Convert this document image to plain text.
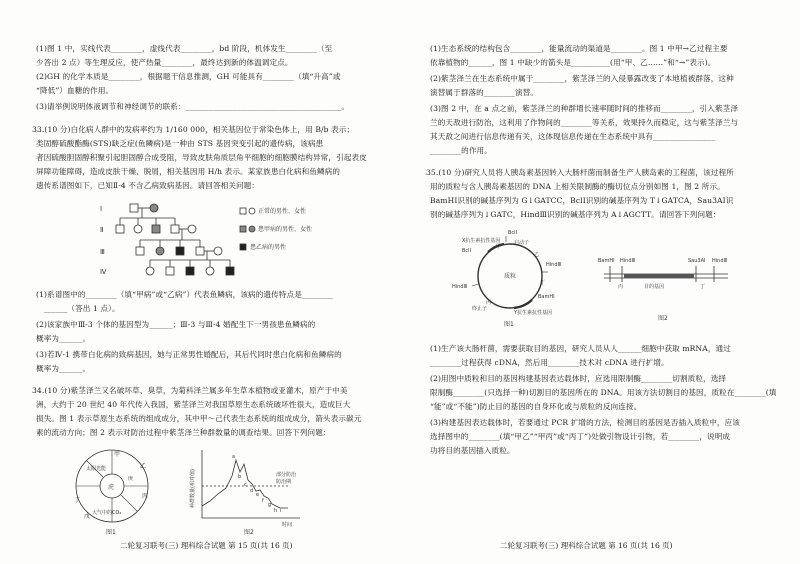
(1)图 1 中，实线代表________，虚线代表________，bd 阶段，机体发生________（至
少答出 2 点）等生理反应，使产热量________，最终达到新的体温调定点。
(2)GH 的化学本质是________，根据题干信息推测，GH 可能具有________（填“升高”或
“降低”）血糖的作用。
(3)请举例说明体液调节和神经调节的联系：________________________________________。
33.(10 分)白化病人群中的发病率约为 1/160 000，相关基因位于常染色体上，用 B/b 表示；
类固醇硫酸酯酶(STS)缺乏症(鱼鳞病)是一种由 STS 基因突变引起的遗传病，该病患
者因硫酸胆固醇积聚引起胆固醇合成受阻，导致皮肤角质层角平细胞的细胞膜结构异常，引起表皮
屏障功能障碍，造成皮肤干燥、脱屑，相关基因用 H/h 表示。某家族患白化病和鱼鳞病的
遗传系谱图如下，已知Ⅱ-4 不含乙病致病基因。请回答相关问题：
Ⅰ
Ⅱ
Ⅲ
Ⅳ
正常的男性、女性
患甲病的男性、女性
患乙病的男性
(1)系谱图中的________（填“甲病”或“乙病”）代表鱼鳞病，该病的遗传特点是________
______（答出 1 点）。
(2)该家族中Ⅲ-3 个体的基因型为______；Ⅲ-3 与Ⅲ-4 婚配生下一男孩患鱼鳞病的
概率为______。
(3)若Ⅳ-1 携带白化病的致病基因，她与正常男性婚配后，其后代同时患白化病和鱼鳞病的
概率为______。
34.(10 分)紫茎泽兰又名破坏草、臭草，为菊科泽兰属多年生草本植物或亚灌木，原产于中美
洲，大约于 20 世纪 40 年代传入我国，紫茎泽兰对我国草原生态系统破坏性很大，造成巨大
损失。图 1 表示草原生态系统的组成成分，其中甲～己代表生态系统的组成成分，箭头表示碳元
素的流动方向；图 2 表示对防治过程中紫茎泽兰种群数量的调查结果。回答下列问题：
甲
乙
丙
丁
戊
太阳光能
大气中的CO₂
庚
虎
图1
a
b
c
d
e
f
g
h i
部分防治
防治期
时间
种群数量(相对值)
图2
二轮复习联考(三) 理科综合试题 第 15 页(共 16 页)
(1)生态系统的结构包含________，能量流动的渠道是________。图 1 中甲→乙过程主要
依靠植物的______，图 1 中缺少的箭头是__________(用“甲、乙……”和“→”表示)。
(2)紫茎泽兰在生态系统中属于________，紫茎泽兰的入侵暴露改变了本地植被群落，这种
演替属于群落的________演替。
(3)图 2 中，在 a 点之前，紫茎泽兰的种群增长速率随时间的推移而________，引入紫茎泽
兰的天敌进行防治，这利用了作物间的________等关系，效果持久而稳定，这与紫茎泽兰与
其天敌之间进行信息传递有关，这体现信息传递在生态系统中具有________________
________的作用。
35.(10 分)研究人员将人胰岛素基因转入大肠杆菌而制备生产人胰岛素的工程菌，该过程所
用的质粒与含人胰岛素基因的 DNA 上相关限制酶的酶切位点分别如图 1，图 2 所示。
BamHⅠ识别的碱基序列为 G↓GATCC，BclⅠ识别的碱基序列为 T↓GATCA，Sau3AⅠ识
别的碱基序列为↓GATC，HindⅢ识别的碱基序列为 A↓AGCTT。请回答下列问题：
X抗生素抗性基因
BclⅠ
启动子
HindⅢ
质粒
HindⅢ
BamHⅠ
Y抗生素抗性基因
终止子
BclⅠ
甲
乙
丙
丁
图1
BamHⅠ HindⅢ	Sau3AⅠ HindⅢ
丙	目的基因	丁
图2
(1)生产该大肠杆菌，需要获取目的基因，研究人员从人______细胞中获取 mRNA，通过
________过程获得 cDNA，然后用________技术对 cDNA 进行扩增。
(2)用图中质粒和目的基因构建基因表达载体时，应选用限制酶________切割质粒，选择
限制酶________(只选择一种)切割目的基因所在的 DNA。用该方法切割目的基因，质粒在________(填
“能”或“不能”)防止目的基因的自身环化或与质粒的反向连接。
(3)构建基因表达载体时，若要通过 PCR 扩增的方法，检测目的基因是否插入质粒中，应该
选择图中的________(填“甲乙”“甲丙”或“丙丁”)处做引物设计引物，若________，说明成
功将目的基因插入质粒。
二轮复习联考(三) 理科综合试题 第 16 页(共 16 页)
